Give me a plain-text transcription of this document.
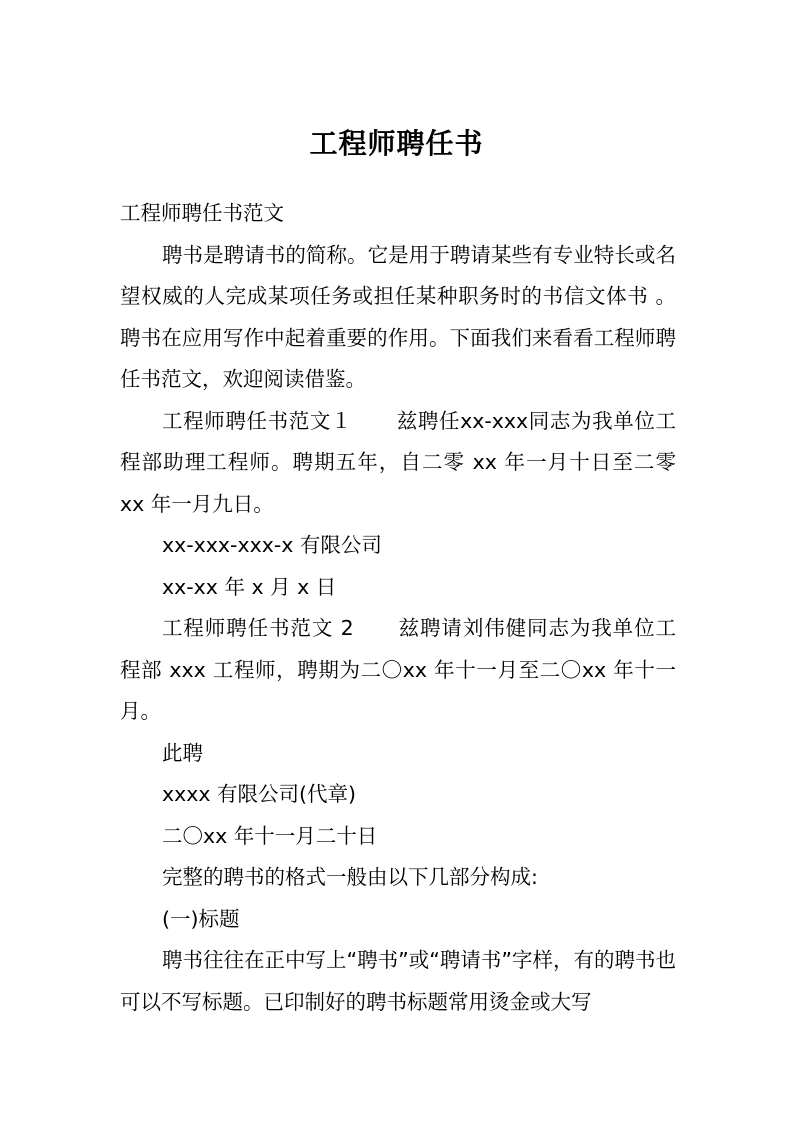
工程师聘任书

工程师聘任书范文

聘书是聘请书的简称。它是用于聘请某些有专业特长或名望权威的人完成某项任务或担任某种职务时的书信文体书 。聘书在应用写作中起着重要的作用。下面我们来看看工程师聘任书范文，欢迎阅读借鉴。

工程师聘任书范文１ 兹聘任xx-xxx同志为我单位工程部助理工程师。聘期五年，自二零 xx 年一月十日至二零 xx 年一月九日。

xx-xxx-xxx-x 有限公司

xx-xx 年 x 月 x 日

工程师聘任书范文 2 兹聘请刘伟健同志为我单位工程部 xxx 工程师，聘期为二〇xx 年十一月至二〇xx 年十一月。

此聘

xxxx 有限公司(代章)

二〇xx 年十一月二十日

完整的聘书的格式一般由以下几部分构成:

(一)标题

聘书往往在正中写上“聘书”或“聘请书”字样，有的聘书也可以不写标题。已印制好的聘书标题常用烫金或大写
